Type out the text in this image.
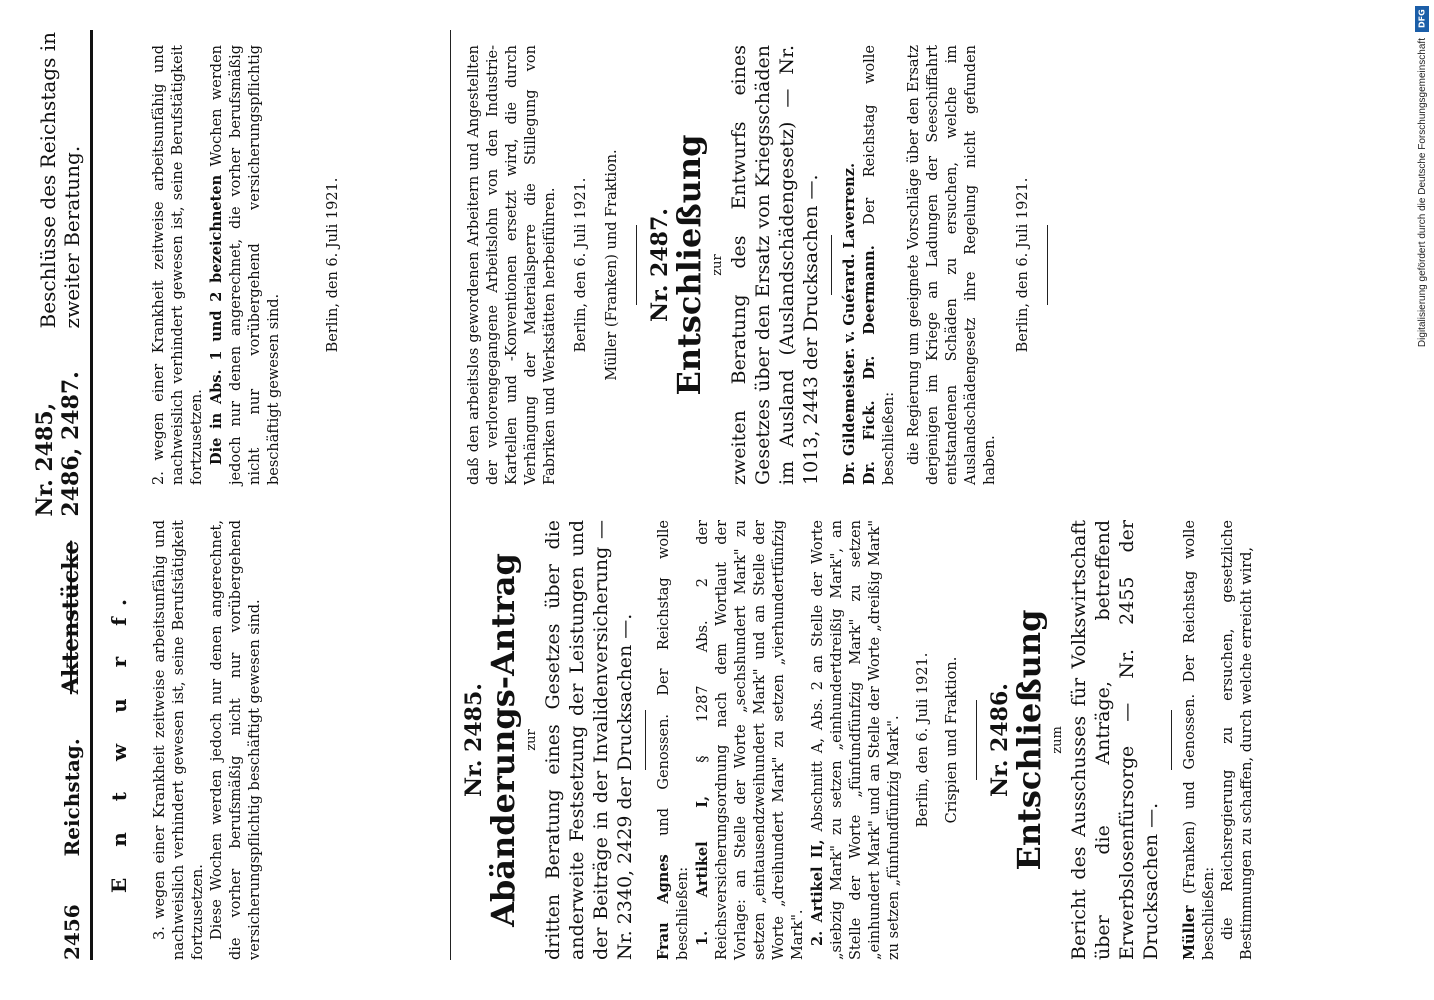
2456
Reichstag.
Aktenstücke
Nr. 2485, 2486, 2487.
Beschlüsse des Reichstags in zweiter Beratung.
E n t w u r f. 3. wegen einer Krankheit zeitweise arbeitsunfähig und nachweislich verhindert gewesen ist, seine Berufstätigkeit fortzusetzen. Diese Wochen werden jedoch nur denen angerechnet, die vorher berufsmäßig nicht nur vorübergehend versicherungspflichtig beschäftigt gewesen sind.

2. wegen einer Krankheit zeitweise arbeitsunfähig und nachweislich verhindert gewesen ist, seine Berufstätigkeit fortzusetzen. Die in Abs. 1 und 2 bezeichneten Wochen werden jedoch nur denen angerechnet, die vorher berufsmäßig nicht nur vorübergehend versicherungspflichtig beschäftigt gewesen sind.

Berlin, den 6. Juli 1921.
Nr. 2485.
Abänderungs-Antrag zur dritten Beratung eines Gesetzes über die anderweite Festsetzung der Leistungen und der Beiträge in der Invalidenversicherung — Nr. 2340, 2429 der Drucksachen —. Frau Agnes und Genossen. Der Reichstag wolle beschließen: 1. Artikel I, § 1287 Abs. 2 der Reichsversicherungsordnung nach dem Wortlaut der Vorlage: an Stelle der Worte „sechshundert Mark" zu setzen „eintausendzweihundert Mark" und an Stelle der Worte „dreihundert Mark" zu setzen „vierhundertfünfzig Mark". 2. Artikel II, Abschnitt A, Abs. 2 an Stelle der Worte „siebzig Mark" zu setzen „einhundertdreißig Mark", an Stelle der Worte „fünfundfünfzig Mark" zu setzen „einhundert Mark" und an Stelle der Worte „dreißig Mark" zu setzen „fünfundfünfzig Mark". Berlin, den 6. Juli 1921. Crispien und Fraktion. Nr. 2486.
Entschließung zum Bericht des Ausschusses für Volkswirtschaft über die Anträge, betreffend Erwerbslosenfürsorge — Nr. 2455 der Drucksachen —. Müller (Franken) und Genossen. Der Reichstag wolle beschließen: die Reichsregierung zu ersuchen, gesetzliche Bestimmungen zu schaffen, durch welche erreicht wird,

daß den arbeitslos gewordenen Arbeitern und Angestellten der verlorengegangene Arbeitslohn von den Industrie-Kartellen und -Konventionen ersetzt wird, die durch Verhängung der Materialsperre die Stillegung von Fabriken und Werkstätten herbeiführen. Berlin, den 6. Juli 1921. Müller (Franken) und Fraktion. Nr. 2487.
Entschließung zur zweiten Beratung des Entwurfs eines Gesetzes über den Ersatz von Kriegsschäden im Ausland (Auslandschädengesetz) — Nr. 1013, 2443 der Drucksachen —. Dr. Gildemeister. v. Guérard. Laverrenz. Dr. Fick. Dr. Deermann. Der Reichstag wolle beschließen: die Regierung um geeignete Vorschläge über den Ersatz derjenigen im Kriege an Ladungen der Seeschiffahrt entstandenen Schäden zu ersuchen, welche im Auslandschädengesetz ihre Regelung nicht gefunden haben.

Berlin, den 6. Juli 1921.
DFG
Digitalisierung gefördert durch die Deutsche Forschungsgemeinschaft
